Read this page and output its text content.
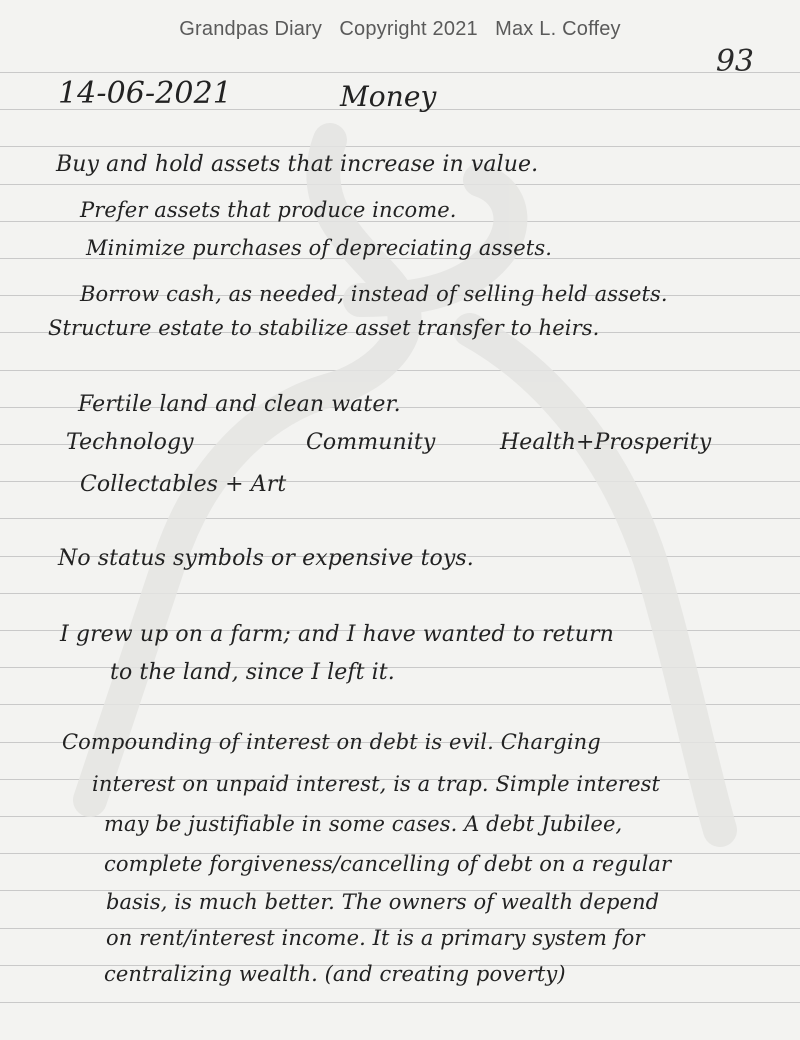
Grandpas Diary Copyright 2021 Max L. Coffey
93
14-06-2021	Money
Buy and hold assets that increase in value.
Prefer assets that produce income.
Minimize purchases of depreciating assets.
Borrow cash, as needed, instead of selling held assets.
Structure estate to stabilize asset transfer to heirs.
Fertile land and clean water.
Technology	Community	Health+Prosperity
Collectables + Art
No status symbols or expensive toys.
I grew up on a farm; and I have wanted to return
to the land, since I left it.
Compounding of interest on debt is evil. Charging
interest on unpaid interest, is a trap. Simple interest
may be justifiable in some cases. A debt Jubilee,
complete forgiveness/cancelling of debt on a regular
basis, is much better. The owners of wealth depend
on rent/interest income. It is a primary system for
centralizing wealth. (and creating poverty)
